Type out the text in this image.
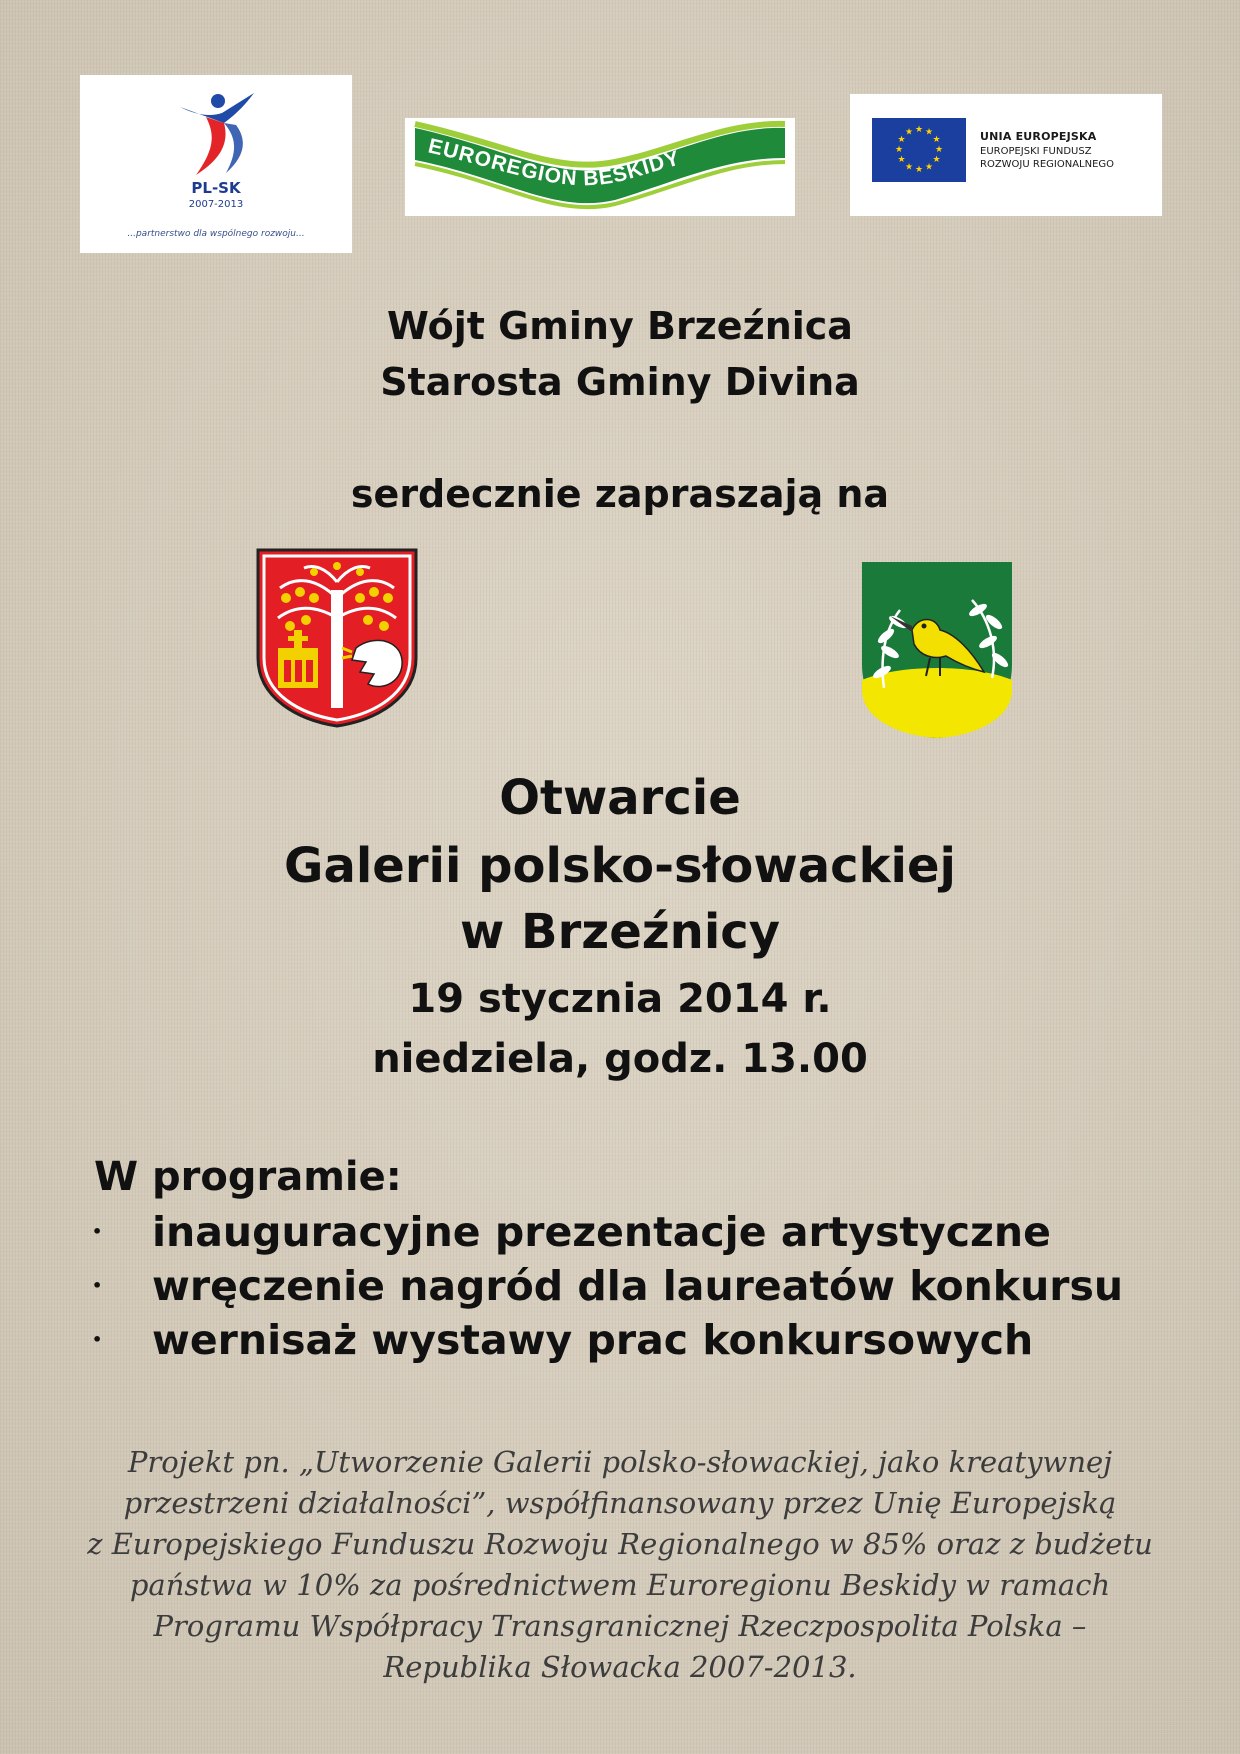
PL-SK
2007-2013
...partnerstwo dla wspólnego rozwoju...
EUROREGION BESKIDY
★ ★
★
★
★
★
★
★
★
★
★
★	UNIA EUROPEJSKA
EUROPEJSKI FUNDUSZ
ROZWOJU REGIONALNEGO
Wójt Gminy Brzeźnica
Starosta Gminy Divina
serdecznie zapraszają na
Otwarcie
Galerii polsko-słowackiej
w Brzeźnicy
19 stycznia 2014 r.
niedziela, godz. 13.00
W programie:
• inauguracyjne prezentacje artystyczne
• wręczenie nagród dla laureatów konkursu
• wernisaż wystawy prac konkursowych
Projekt pn. „Utworzenie Galerii polsko-słowackiej, jako kreatywnej
przestrzeni działalności”, współfinansowany przez Unię Europejską
z Europejskiego Funduszu Rozwoju Regionalnego w 85% oraz z budżetu
państwa w 10% za pośrednictwem Euroregionu Beskidy w ramach
Programu Współpracy Transgranicznej Rzeczpospolita Polska –
Republika Słowacka 2007-2013.
